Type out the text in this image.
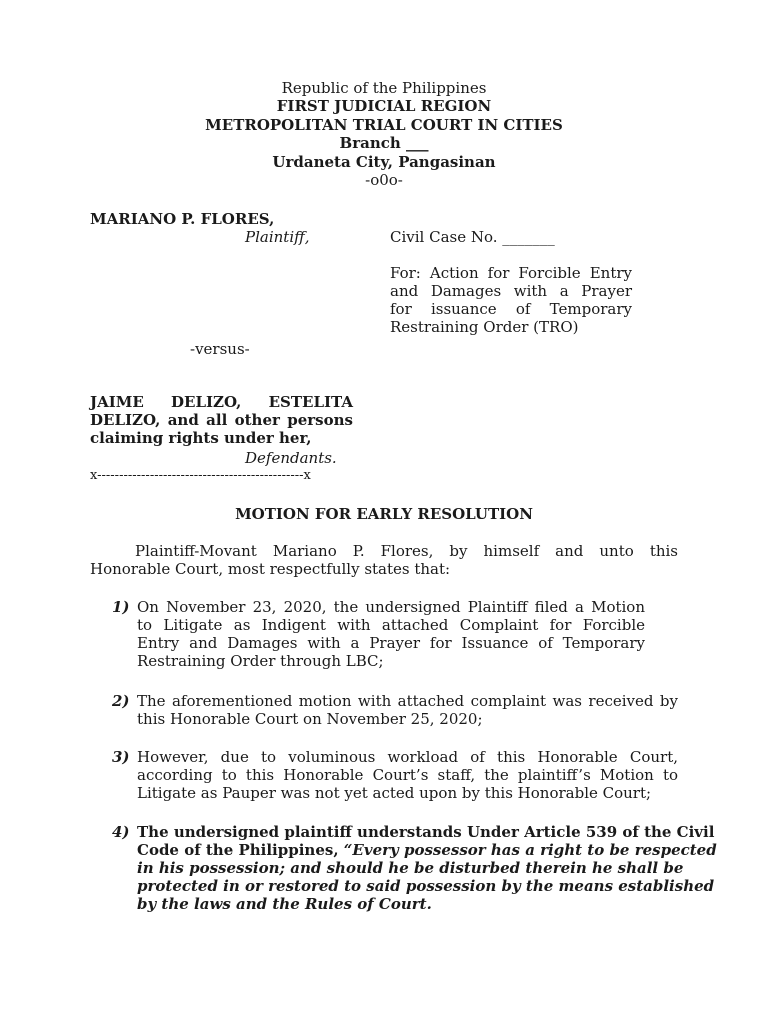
Republic of the Philippines
FIRST JUDICIAL REGION
METROPOLITAN TRIAL COURT IN CITIES
Branch ___
Urdaneta City, Pangasinan
-o0o-
MARIANO P. FLORES,
Plaintiff,	Civil Case No. _______
For: Action for Forcible Entry
and Damages with a Prayer
for issuance of Temporary
Restraining Order (TRO)
-versus-
JAIME DELIZO, ESTELITA
DELIZO, and all other persons
claiming rights under her,
Defendants.
x-----------------------------------------------x
MOTION FOR EARLY RESOLUTION
Plaintiff-Movant Mariano P. Flores, by himself and unto this
Honorable Court, most respectfully states that:
1) On November 23, 2020, the undersigned Plaintiff filed a Motion
to Litigate as Indigent with attached Complaint for Forcible
Entry and Damages with a Prayer for Issuance of Temporary
Restraining Order through LBC;
2) The aforementioned motion with attached complaint was received by
this Honorable Court on November 25, 2020;
3) However, due to voluminous workload of this Honorable Court,
according to this Honorable Court’s staff, the plaintiff’s Motion to
Litigate as Pauper was not yet acted upon by this Honorable Court;
4) The undersigned plaintiff understands Under Article 539 of the Civil
Code of the Philippines, “Every possessor has a right to be respected
in his possession; and should he be disturbed therein he shall be
protected in or restored to said possession by the means established
by the laws and the Rules of Court.
